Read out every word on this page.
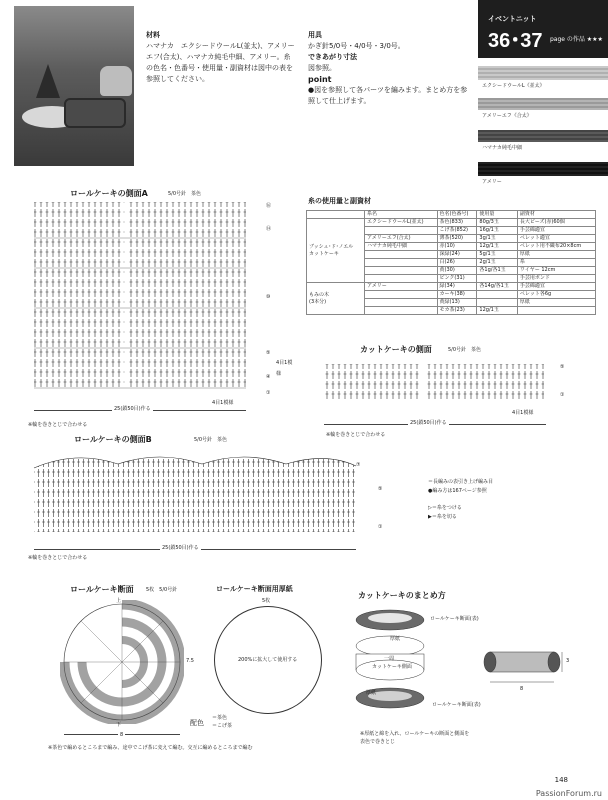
材料
ハマナカ　エクシードウールL(並太)、アメリーエフ(合太)、ハマナカ純毛中細、アメリー。糸の色名・色番号・使用量・副資材は図中の表を参照してください。
用具
かぎ針5/0号・4/0号・3/0号。
できあがり寸法
図参照。
point
●図を参照して各パーツを編みます。まとめ方を参照して仕上げます。
イベントニット
36･37 page の作品 ★★★
エクシードウールL《並太》
アメリーエフ《合太》
ハマナカ純毛中細
アメリー
ロールケーキの側面A	5/0号針　茶色
⑯
⑭
⑩
⑤
④
①
4目1模様
25(鎖50目)作る
4目1模様
※輪を巻きとじで合わせる
糸の使用量と副資材
	糸名	色名(色番号)	使用量	副資材
ブッシュ･ド･ノエル
カットケーキ	エクシードウールL(並太)	茶色(833)	80g/3玉	長大ビーズ(赤)60個
		こげ茶(852)	16g/1玉	手芸綿適宜
	アメリーエフ(合太)	薄茶(520)	3g/1玉	ペレット適宜
	ハマナカ純毛中細	赤(10)	12g/1玉	ペレット用不織布20×8cm
		深緑(24)	5g/1玉	厚紙
		白(26)	2g/1玉	糸
		黄(30)	各1g/各1玉	ワイヤー 12cm
		ピンク(31)		手芸用ボンド
もみの木
(3本分)	アメリー	緑(34)	各14g/各1玉	手芸綿適宜
		カーキ(38)		ペレット各6g
		黄緑(13)		厚紙
		モカ茶(23)	12g/1玉	
カットケーキの側面	5/0号針　茶色
⑤
①
4目1模様
25(鎖50目)作る
※輪を巻きとじで合わせる
ロールケーキの側面B	5/0号針　茶色
⑦
⑤
①
25(鎖50目)作る
※輪を巻きとじで合わせる
＝長編みの表引き上げ編み目
●編み方は167ページ参照
▷＝糸をつける
▶＝糸を切る
ロールケーキ断面 5枚　5/0号針
上
7.5
下
8
配色
＝茶色
＝こげ茶
※茶色で編めるところまで編み、途中でこげ茶に変えて編む。交互に編めるところまで編む
ロールケーキ断面用厚紙
5枚
200%に拡大して使用する
カットケーキのまとめ方
ロールケーキ断面(表)
厚紙
一周
カットケーキ側面
厚紙
ロールケーキ断面(表)
3
8
※厚紙と綿を入れ、ロールケーキの断面と側面を表色で巻きとじ
148
PassionForum.ru
